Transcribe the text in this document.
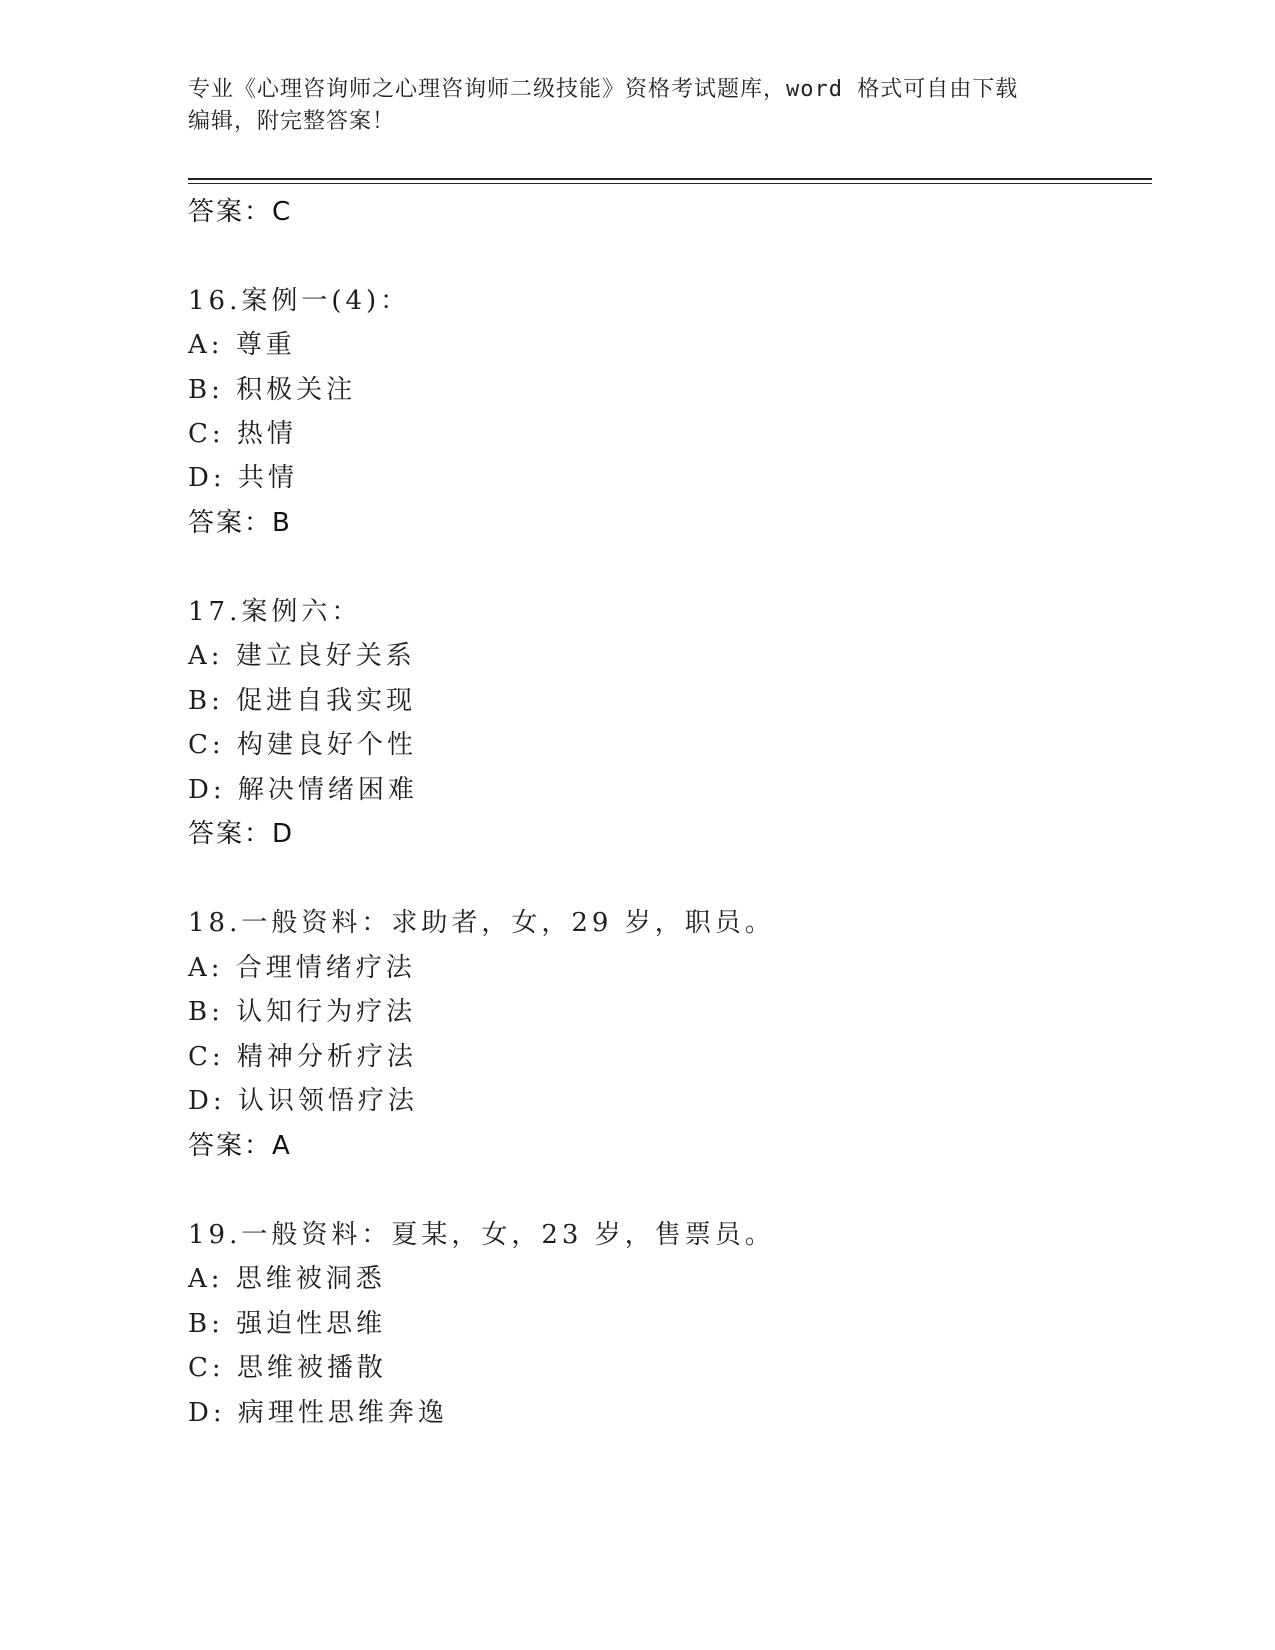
专业《心理咨询师之心理咨询师二级技能》资格考试题库，word 格式可自由下载
编辑，附完整答案！
答案：C
16.案例一(4)：
A: 尊重
B: 积极关注
C: 热情
D: 共情
答案：B
17.案例六：
A: 建立良好关系
B: 促进自我实现
C: 构建良好个性
D: 解决情绪困难
答案：D
18.一般资料：求助者，女，29 岁，职员。
A: 合理情绪疗法
B: 认知行为疗法
C: 精神分析疗法
D: 认识领悟疗法
答案：A
19.一般资料：夏某，女，23 岁，售票员。
A: 思维被洞悉
B: 强迫性思维
C: 思维被播散
D: 病理性思维奔逸
